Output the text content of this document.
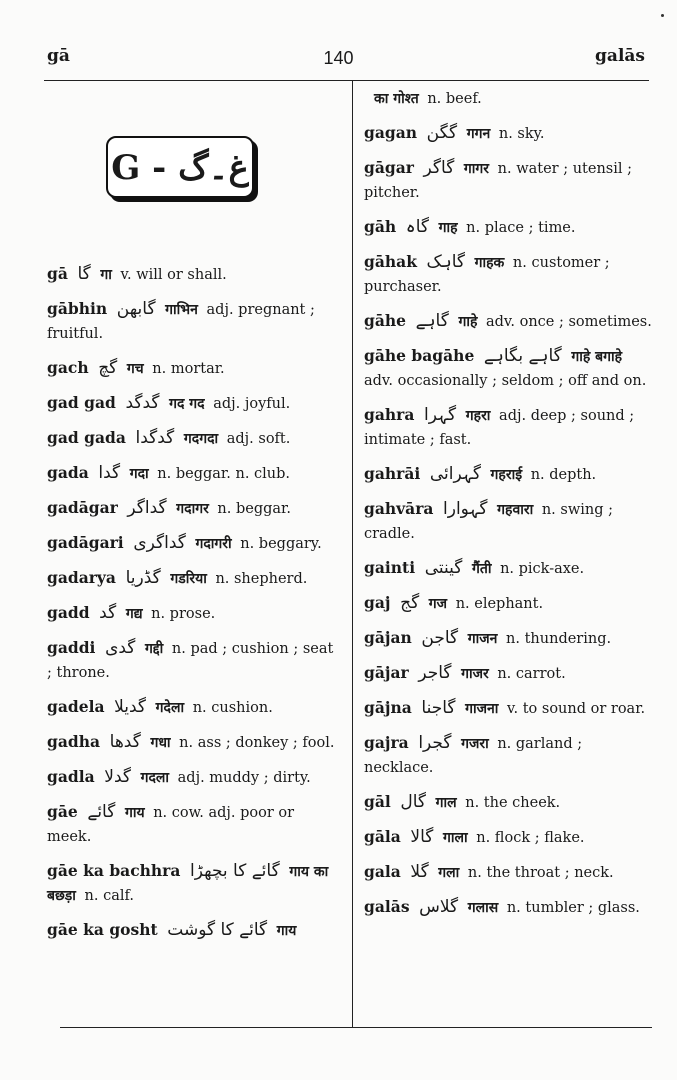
gā	140	galās
G - غ۔گ
gā گا गा v. will or shall.
gābhin گابھن गाभिन adj. pregnant ; fruitful.
gach گچ गच n. mortar.
gad gad گدگد गद गद adj. joyful.
gad gada گدگدا गदगदा adj. soft.
gada گدا गदा n. beggar. n. club.
gadāgar گداگر गदागर n. beggar.
gadāgari گداگری गदागरी n. beggary.
gadarya گڈریا गडरिया n. shepherd.
gadd گد गद्य n. prose.
gaddi گدی गद्दी n. pad ; cushion ; seat ; throne.
gadela گدیلا गदेला n. cushion.
gadha گدھا गधा n. ass ; donkey ; fool.
gadla گدلا गदला adj. muddy ; dirty.
gāe گائے गाय n. cow. adj. poor or meek.
gāe ka bachhra گائے کا بچھڑا गाय का बछड़ा n. calf.
gāe ka gosht گائے کا گوشت गाय
का गोश्त n. beef.
gagan گگن गगन n. sky.
gāgar گاگر गागर n. water ; utensil ; pitcher.
gāh گاہ गाह n. place ; time.
gāhak گاہک गाहक n. customer ; purchaser.
gāhe گاہے गाहे adv. once ; sometimes.
gāhe bagāhe گاہے بگاہے गाहे बगाहे adv. occasionally ; seldom ; off and on.
gahra گہرا गहरा adj. deep ; sound ; intimate ; fast.
gahrāi گہرائی गहराई n. depth.
gahvāra گہوارا गहवारा n. swing ; cradle.
gainti گینتی गैंती n. pick-axe.
gaj گج गज n. elephant.
gājan گاجن गाजन n. thundering.
gājar گاجر गाजर n. carrot.
gājna گاجنا गाजना v. to sound or roar.
gajra گجرا गजरा n. garland ; necklace.
gāl گال गाल n. the cheek.
gāla گالا गाला n. flock ; flake.
gala گلا गला n. the throat ; neck.
galās گلاس गलास n. tumbler ; glass.
